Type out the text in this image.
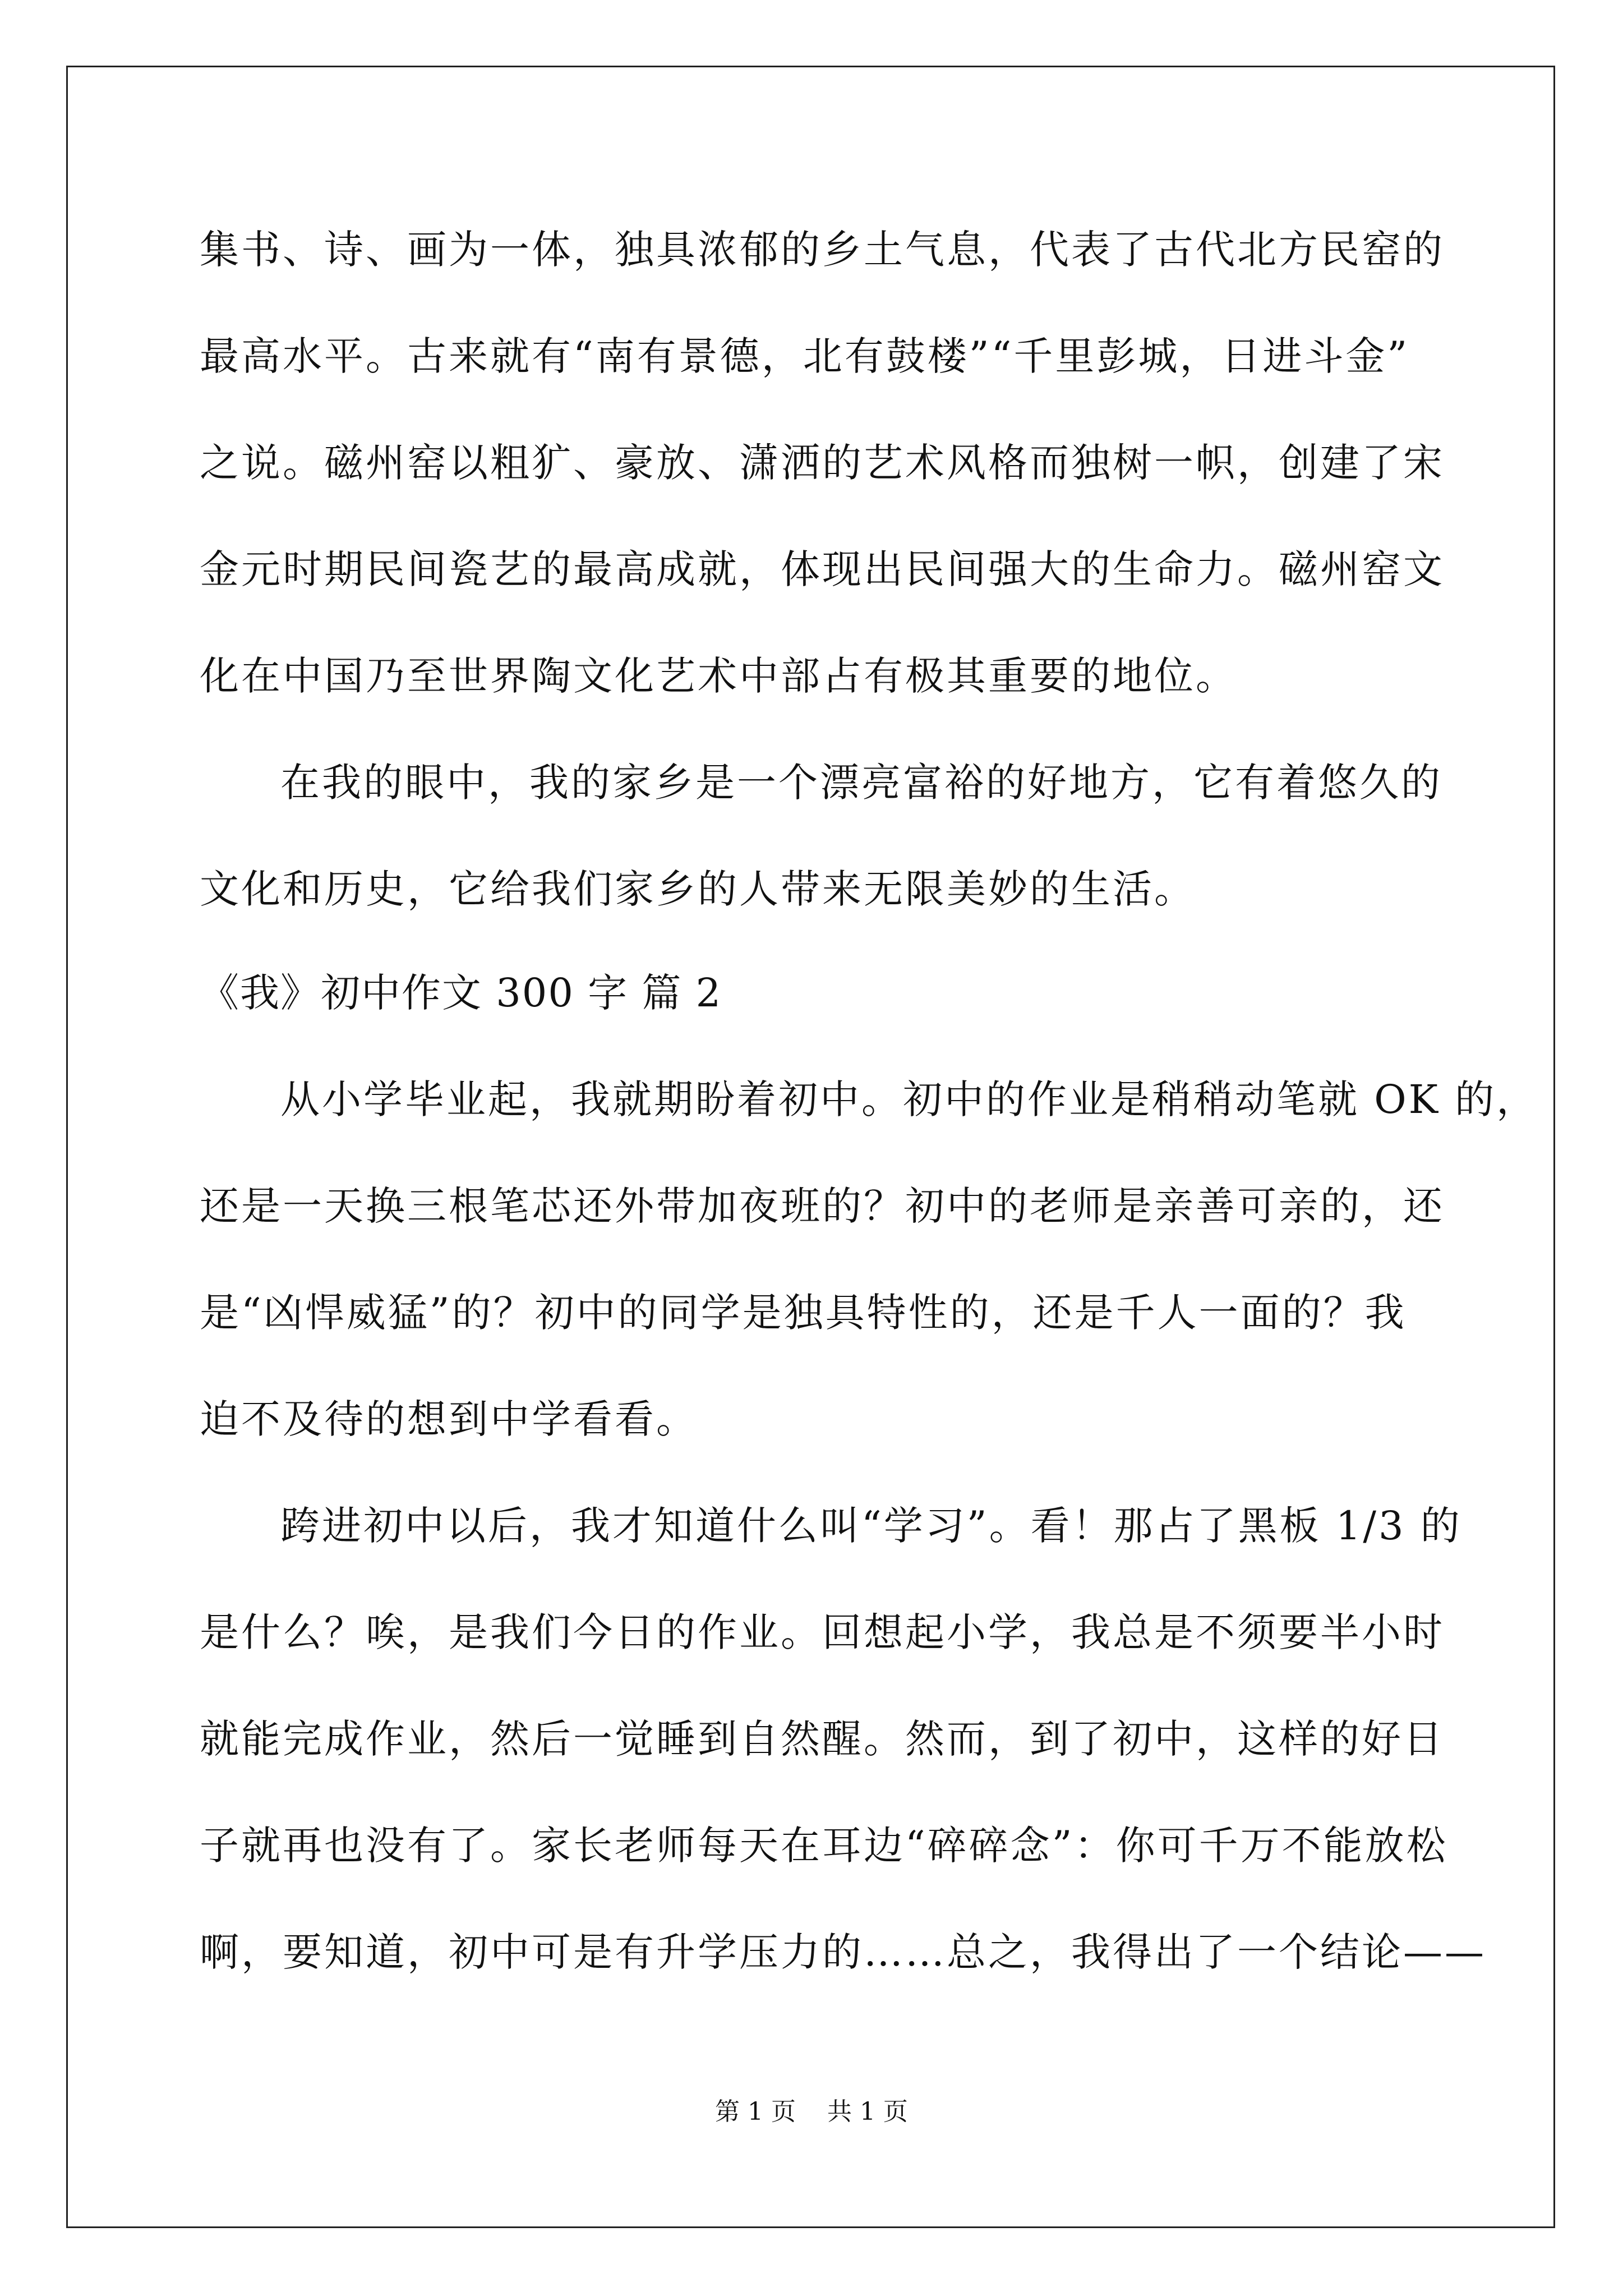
集书、诗、画为一体，独具浓郁的乡土气息，代表了古代北方民窑的
最高水平。古来就有“南有景德，北有鼓楼”“千里彭城，日进斗金”
之说。磁州窑以粗犷、豪放、潇洒的艺术风格而独树一帜，创建了宋
金元时期民间瓷艺的最高成就，体现出民间强大的生命力。磁州窑文
化在中国乃至世界陶文化艺术中部占有极其重要的地位。
在我的眼中，我的家乡是一个漂亮富裕的好地方，它有着悠久的
文化和历史，它给我们家乡的人带来无限美妙的生活。
《我》初中作文 300 字 篇 2
从小学毕业起，我就期盼着初中。初中的作业是稍稍动笔就 OK 的，
还是一天换三根笔芯还外带加夜班的？初中的老师是亲善可亲的，还
是“凶悍威猛”的？初中的同学是独具特性的，还是千人一面的？我
迫不及待的想到中学看看。
跨进初中以后，我才知道什么叫“学习”。看！那占了黑板 1/3 的
是什么？唉，是我们今日的作业。回想起小学，我总是不须要半小时
就能完成作业，然后一觉睡到自然醒。然而，到了初中，这样的好日
子就再也没有了。家长老师每天在耳边“碎碎念”：你可千万不能放松
啊，要知道，初中可是有升学压力的……总之，我得出了一个结论——
第 1 页    共 1 页
